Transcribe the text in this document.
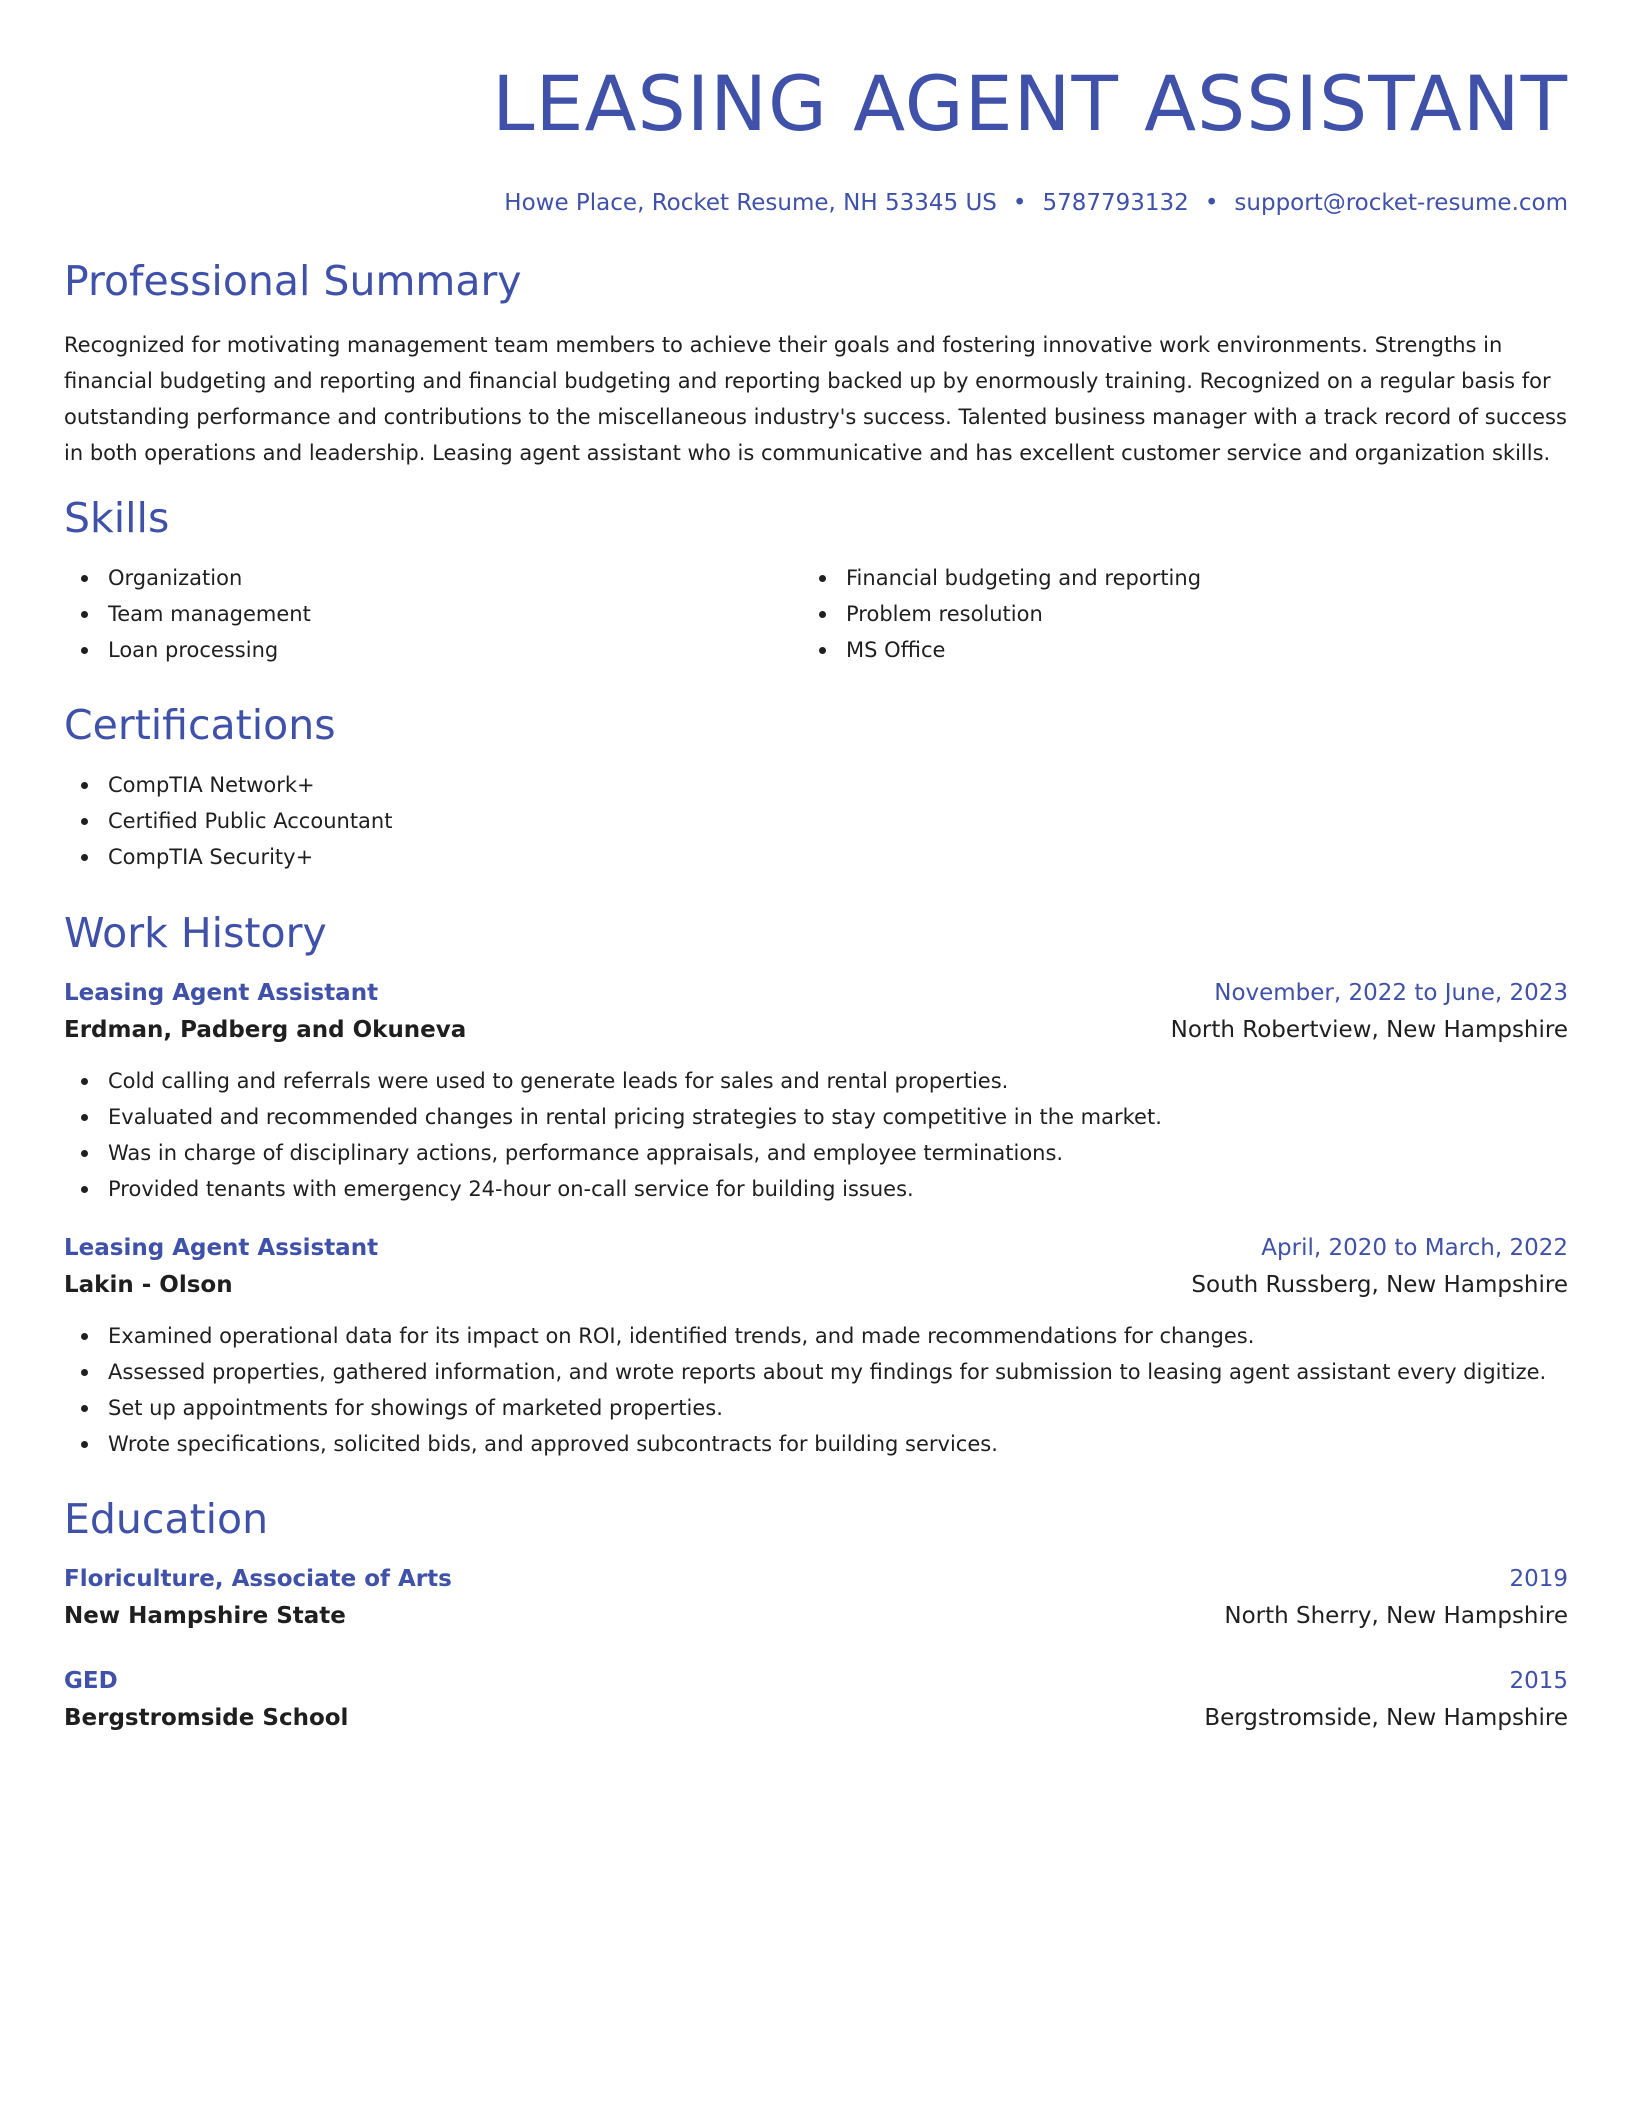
LEASING AGENT ASSISTANT
Howe Place, Rocket Resume, NH 53345 US • 5787793132 • support@rocket-resume.com
Professional Summary

Recognized for motivating management team members to achieve their goals and fostering innovative work environments. Strengths in financial budgeting and reporting and financial budgeting and reporting backed up by enormously training. Recognized on a regular basis for outstanding performance and contributions to the miscellaneous industry's success. Talented business manager with a track record of success in both operations and leadership. Leasing agent assistant who is communicative and has excellent customer service and organization skills.

Skills
Organization
Team management
Loan processing
Financial budgeting and reporting
Problem resolution
MS Office
Certifications
CompTIA Network+
Certified Public Accountant
CompTIA Security+
Work History
Leasing Agent Assistant	November, 2022 to June, 2023
Erdman, Padberg and Okuneva	North Robertview, New Hampshire
Cold calling and referrals were used to generate leads for sales and rental properties.
Evaluated and recommended changes in rental pricing strategies to stay competitive in the market.
Was in charge of disciplinary actions, performance appraisals, and employee terminations.
Provided tenants with emergency 24-hour on-call service for building issues.
Leasing Agent Assistant	April, 2020 to March, 2022
Lakin - Olson	South Russberg, New Hampshire
Examined operational data for its impact on ROI, identified trends, and made recommendations for changes.
Assessed properties, gathered information, and wrote reports about my findings for submission to leasing agent assistant every digitize.
Set up appointments for showings of marketed properties.
Wrote specifications, solicited bids, and approved subcontracts for building services.
Education
Floriculture, Associate of Arts	2019
New Hampshire State	North Sherry, New Hampshire
GED	2015
Bergstromside School	Bergstromside, New Hampshire
